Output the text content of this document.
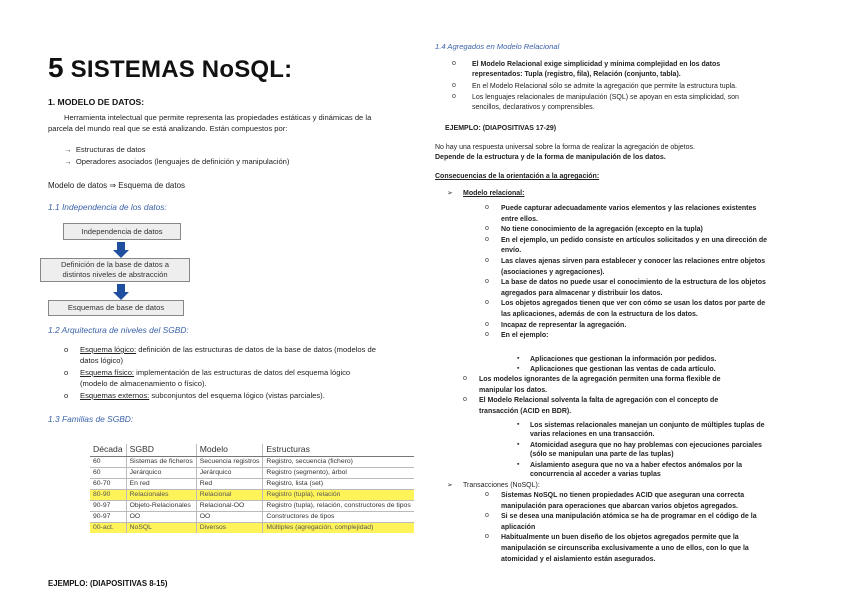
5 SISTEMAS NoSQL:
1. MODELO DE DATOS:
Herramienta intelectual que permite representa las propiedades estáticas y dinámicas de la
parcela del mundo real que se está analizando. Están compuestos por:
→  Estructuras de datos
→  Operadores asociados (lenguajes de definición y manipulación)
Modelo de datos ⇒ Esquema de datos
1.1 Independencia de los datos:
Independencia de datos
Definición de la base de datos a
distintos niveles de abstracción
Esquemas de base de datos
1.2 Arquitectura de niveles del SGBD:
o Esquema lógico: definición de las estructuras de datos de la base de datos (modelos de
datos lógico)
o Esquema físico: implementación de las estructuras de datos del esquema lógico
(modelo de almacenamiento o físico).
o Esquemas externos: subconjuntos del esquema lógico (vistas parciales).
1.3 Familias de SGBD:
Década	SGBD	Modelo	Estructuras
60	Sistemas de ficheros	Secuencia registros	Registro, secuencia (fichero)
60	Jerárquico	Jerárquico	Registro (segmento), árbol
60-70	En red	Red	Registro, lista (set)
80-90	Relacionales	Relacional	Registro (tupla), relación
90-97	Objeto-Relacionales	Relacional-OO	Registro (tupla), relación, constructores de tipos
90-97	OO	OO	Constructores de tipos
00-act.	NoSQL	Diversos	Múltiples (agregación, complejidad)
EJEMPLO: (DIAPOSITIVAS 8-15)
1.4 Agregados en Modelo Relacional
o El Modelo Relacional exige simplicidad y mínima complejidad en los datos
representados: Tupla (registro, fila), Relación (conjunto, tabla).
o En el Modelo Relacional sólo se admite la agregación que permite la estructura tupla.
o Los lenguajes relacionales de manipulación (SQL) se apoyan en esta simplicidad, son
sencillos, declarativos y comprensibles.
EJEMPLO: (DIAPOSITIVAS 17-29)
No hay una respuesta universal sobre la forma de realizar la agregación de objetos.
Depende de la estructura y de la forma de manipulación de los datos.
Consecuencias de la orientación a la agregación:
➢ Modelo relacional:
o Puede capturar adecuadamente varios elementos y las relaciones existentes
entre ellos.
o No tiene conocimiento de la agregación (excepto en la tupla)
o En el ejemplo, un pedido consiste en artículos solicitados y en una dirección de
envío.
o Las claves ajenas sirven para establecer y conocer las relaciones entre objetos
(asociaciones y agregaciones).
o La base de datos no puede usar el conocimiento de la estructura de los objetos
agregados para almacenar y distribuir los datos.
o Los objetos agregados tienen que ver con cómo se usan los datos por parte de
las aplicaciones, además de con la estructura de los datos.
o Incapaz de representar la agregación.
o En el ejemplo:
▪ Aplicaciones que gestionan la información por pedidos.
▪ Aplicaciones que gestionan las ventas de cada artículo.
o Los modelos ignorantes de la agregación permiten una forma flexible de
manipular los datos.
o El Modelo Relacional solventa la falta de agregación con el concepto de
transacción (ACID en BDR).
▪ Los sistemas relacionales manejan un conjunto de múltiples tuplas de
varias relaciones en una transacción.
▪ Atomicidad asegura que no hay problemas con ejecuciones parciales
(sólo se manipulan una parte de las tuplas)
▪ Aislamiento asegura que no va a haber efectos anómalos por la
concurrencia al acceder a varias tuplas
➢ Transacciones (NoSQL):
o Sistemas NoSQL no tienen propiedades ACID que aseguran una correcta
manipulación para operaciones que abarcan varios objetos agregados.
o Si se desea una manipulación atómica se ha de programar en el código de la
aplicación
o Habitualmente un buen diseño de los objetos agregados permite que la
manipulación se circunscriba exclusivamente a uno de ellos, con lo que la
atomicidad y el aislamiento están asegurados.
